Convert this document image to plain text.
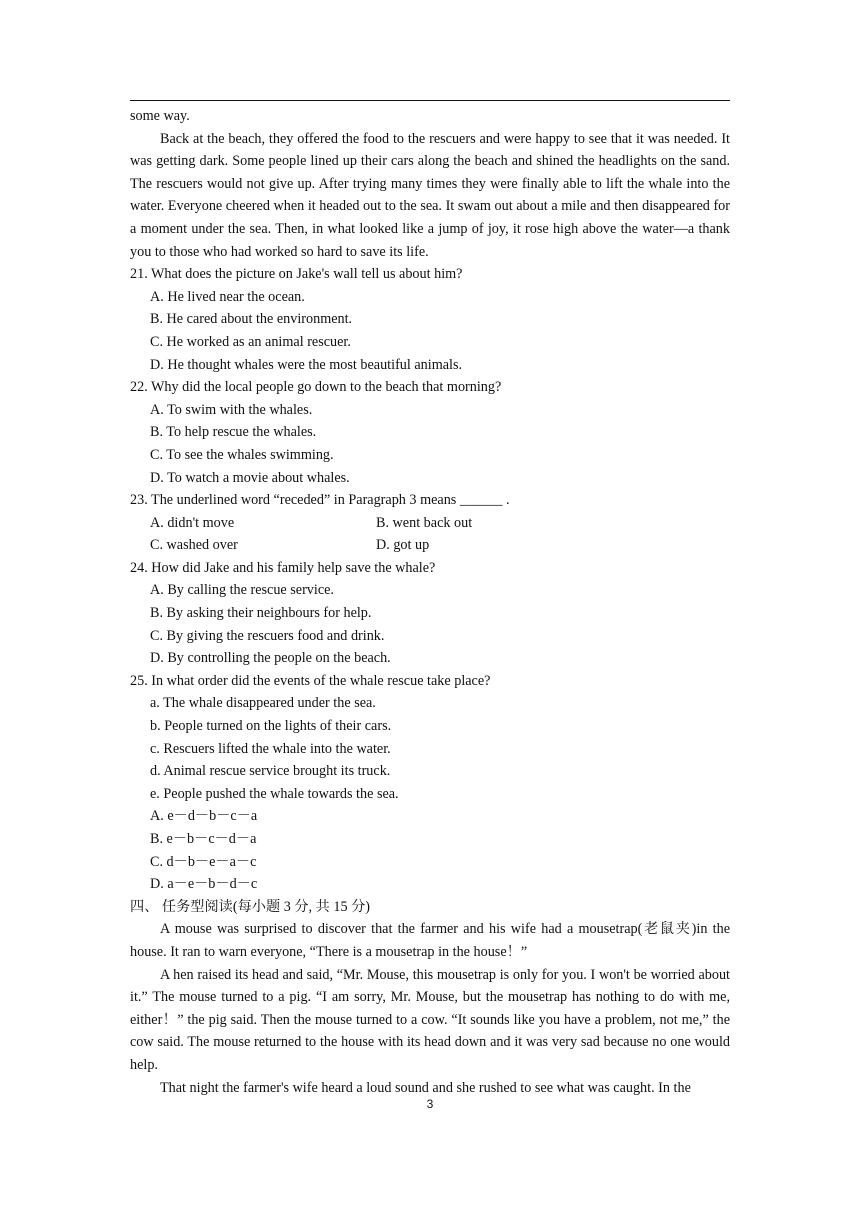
some way.

Back at the beach, they offered the food to the rescuers and were happy to see that it was needed. It was getting dark. Some people lined up their cars along the beach and shined the headlights on the sand. The rescuers would not give up. After trying many times they were finally able to lift the whale into the water. Everyone cheered when it headed out to the sea. It swam out about a mile and then disappeared for a moment under the sea. Then, in what looked like a jump of joy, it rose high above the water—a thank you to those who had worked so hard to save its life.

21. What does the picture on Jake's wall tell us about him?

A. He lived near the ocean.

B. He cared about the environment.

C. He worked as an animal rescuer.

D. He thought whales were the most beautiful animals.

22. Why did the local people go down to the beach that morning?

A. To swim with the whales.

B. To help rescue the whales.

C. To see the whales swimming.

D. To watch a movie about whales.

23. The underlined word “receded” in Paragraph 3 means ______ .

A. didn't move	B. went back out
C. washed over	D. got up

24. How did Jake and his family help save the whale?

A. By calling the rescue service.

B. By asking their neighbours for help.

C. By giving the rescuers food and drink.

D. By controlling the people on the beach.

25. In what order did the events of the whale rescue take place?

a. The whale disappeared under the sea.

b. People turned on the lights of their cars.

c. Rescuers lifted the whale into the water.

d. Animal rescue service brought its truck.

e. People pushed the whale towards the sea.

A. e－d－b－c－a

B. e－b－c－d－a

C. d－b－e－a－c

D. a－e－b－d－c

四、 任务型阅读(每小题 3 分, 共 15 分)

A mouse was surprised to discover that the farmer and his wife had a mousetrap(老鼠夹)in the house. It ran to warn everyone, “There is a mousetrap in the house！”

A hen raised its head and said, “Mr. Mouse, this mousetrap is only for you. I won't be worried about it.” The mouse turned to a pig. “I am sorry, Mr. Mouse, but the mousetrap has nothing to do with me, either！” the pig said. Then the mouse turned to a cow. “It sounds like you have a problem, not me,” the cow said. The mouse returned to the house with its head down and it was very sad because no one would help.

That night the farmer's wife heard a loud sound and she rushed to see what was caught. In the

3
